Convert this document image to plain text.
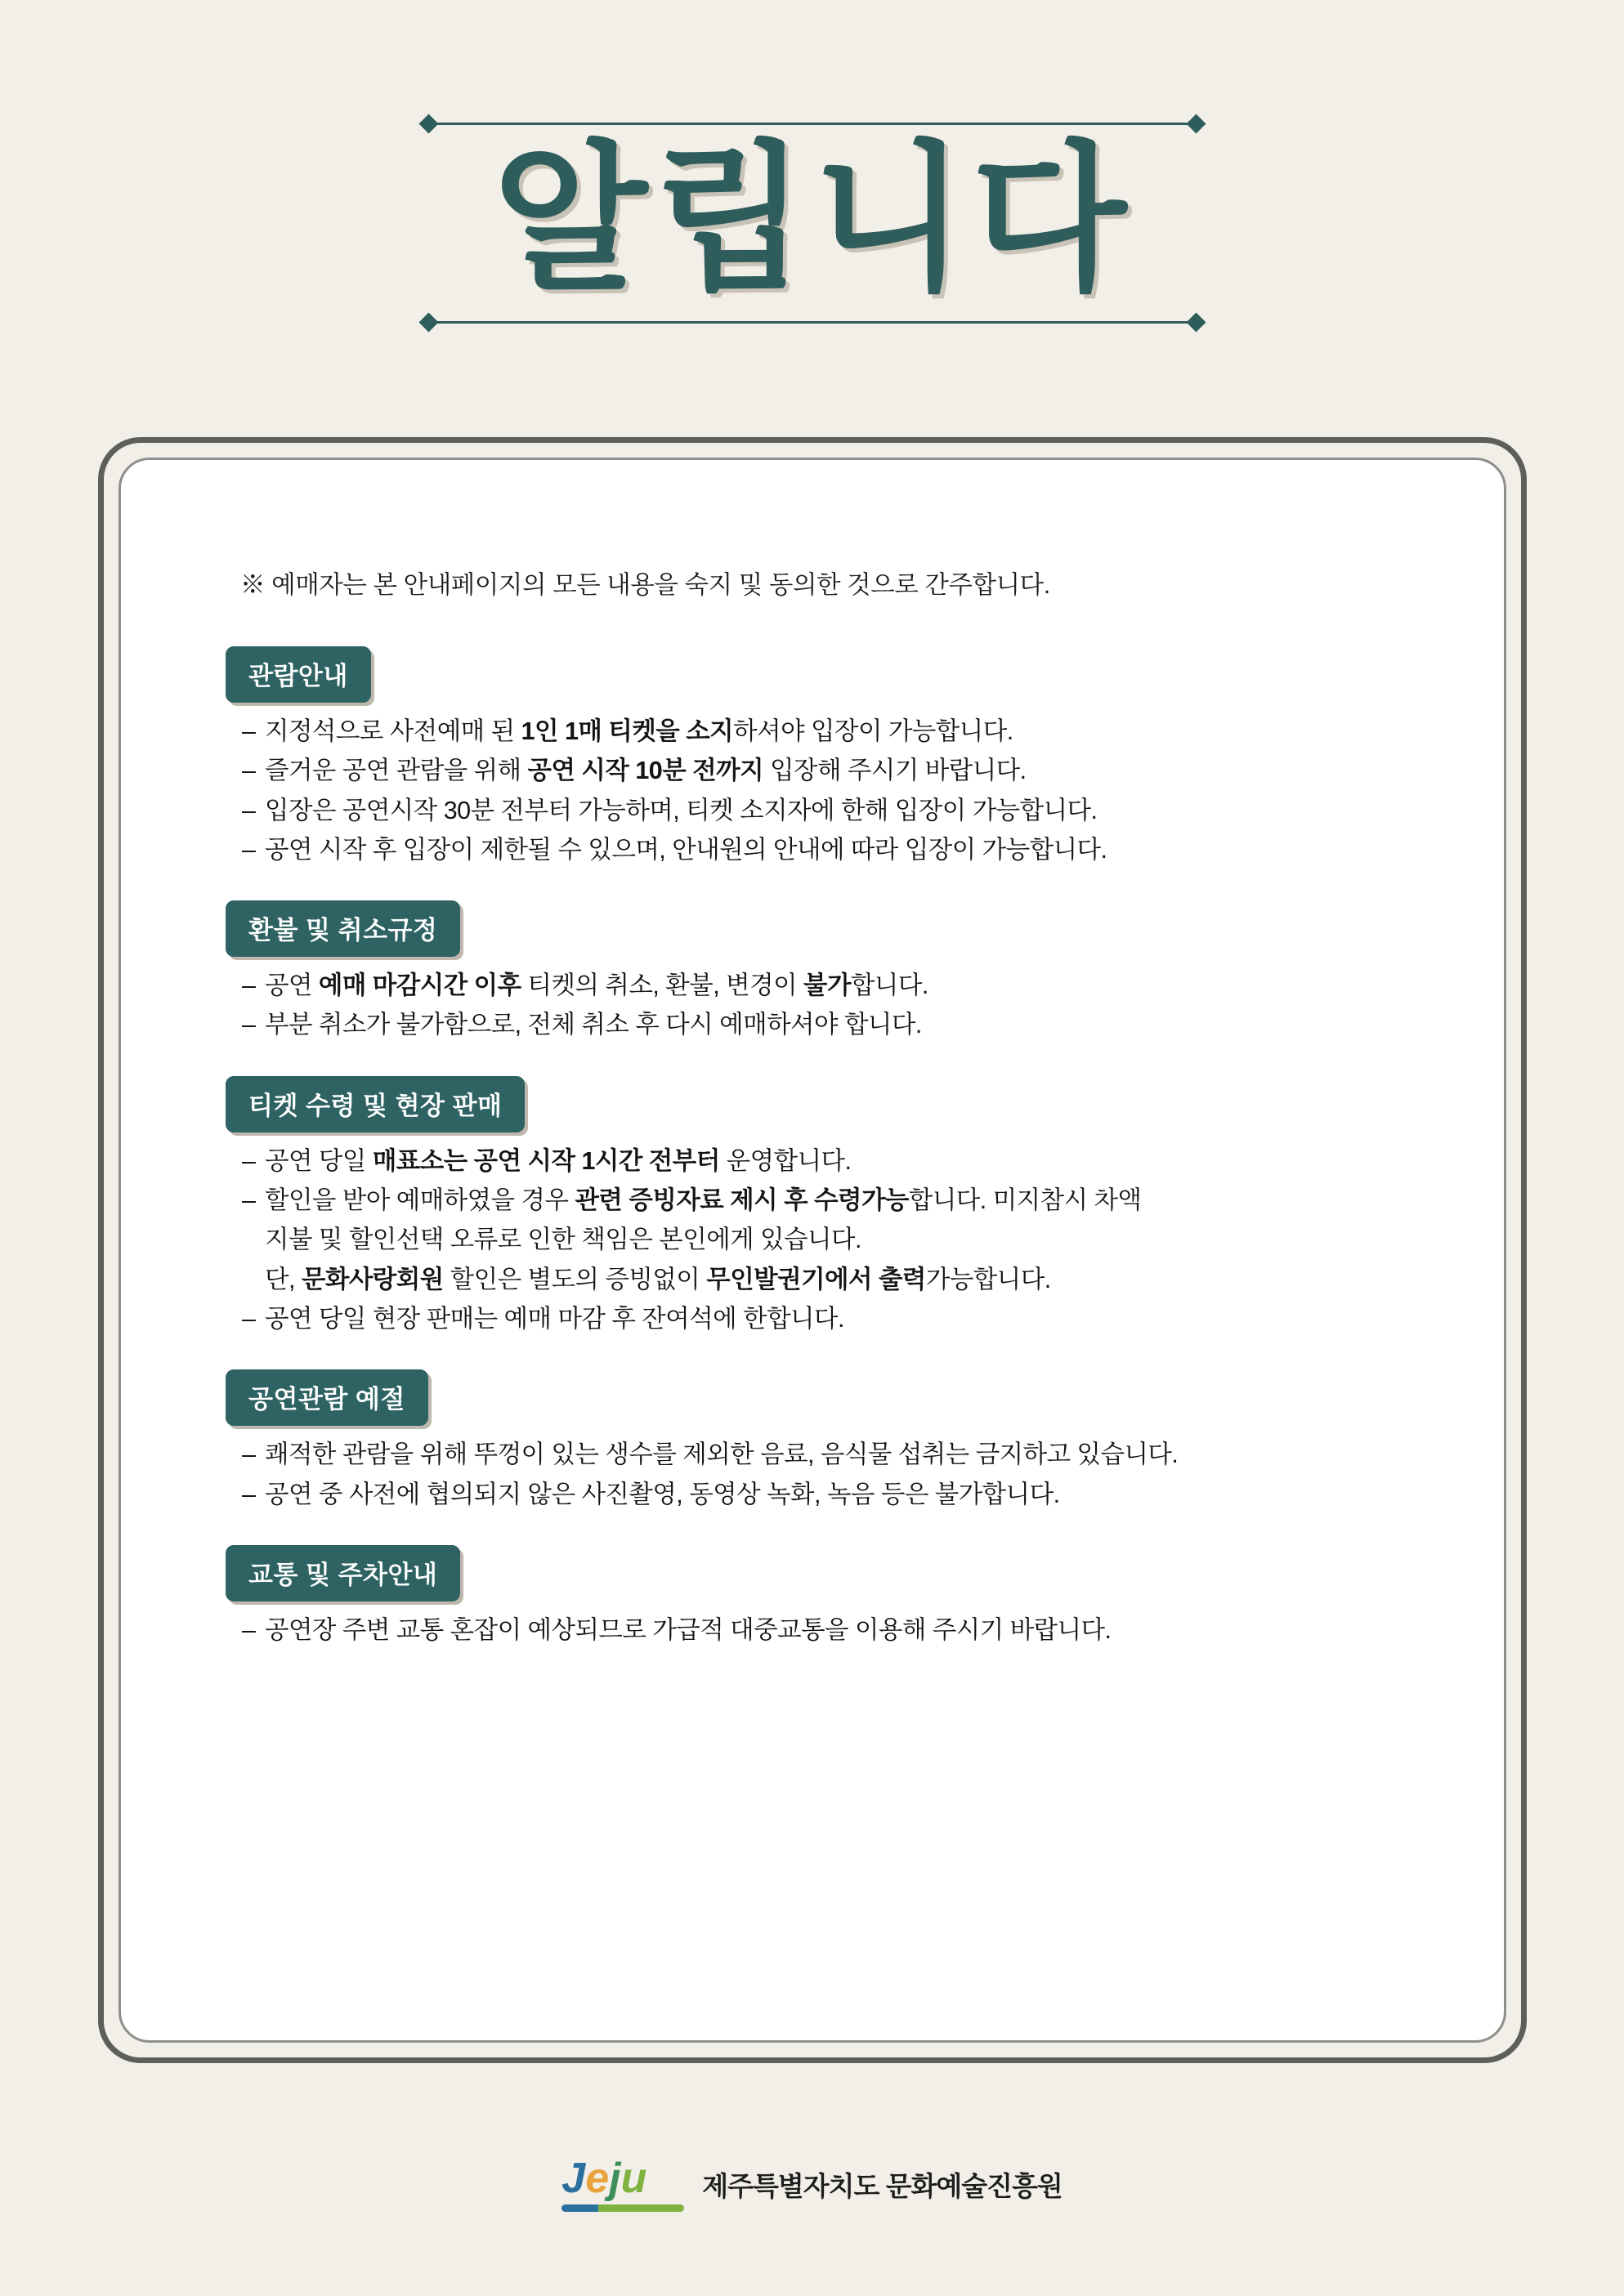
알립니다
※ 예매자는 본 안내페이지의 모든 내용을 숙지 및 동의한 것으로 간주합니다.
관람안내
– 지정석으로 사전예매 된 1인 1매 티켓을 소지하셔야 입장이 가능합니다.
– 즐거운 공연 관람을 위해 공연 시작 10분 전까지 입장해 주시기 바랍니다.
– 입장은 공연시작 30분 전부터 가능하며, 티켓 소지자에 한해 입장이 가능합니다.
– 공연 시작 후 입장이 제한될 수 있으며, 안내원의 안내에 따라 입장이 가능합니다.
환불 및 취소규정
– 공연 예매 마감시간 이후 티켓의 취소, 환불, 변경이 불가합니다.
– 부분 취소가 불가함으로, 전체 취소 후 다시 예매하셔야 합니다.
티켓 수령 및 현장 판매
– 공연 당일 매표소는 공연 시작 1시간 전부터 운영합니다.
– 할인을 받아 예매하였을 경우 관련 증빙자료 제시 후 수령가능합니다. 미지참시 차액
지불 및 할인선택 오류로 인한 책임은 본인에게 있습니다.
단, 문화사랑회원 할인은 별도의 증빙없이 무인발권기에서 출력가능합니다.
– 공연 당일 현장 판매는 예매 마감 후 잔여석에 한합니다.
공연관람 예절
– 쾌적한 관람을 위해 뚜껑이 있는 생수를 제외한 음료, 음식물 섭취는 금지하고 있습니다.
– 공연 중 사전에 협의되지 않은 사진촬영, 동영상 녹화, 녹음 등은 불가합니다.
교통 및 주차안내
– 공연장 주변 교통 혼잡이 예상되므로 가급적 대중교통을 이용해 주시기 바랍니다.
J e j u 제주특별자치도 문화예술진흥원
